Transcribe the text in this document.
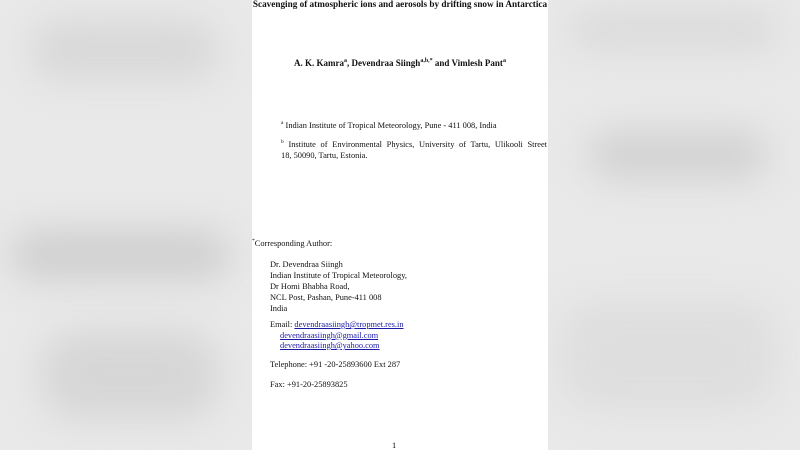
Scavenging of atmospheric ions and aerosols by drifting snow in Antarctica
A. K. Kamra$^a$, Devendraa Siingh$^{a,b,*}$ and Vimlesh Pant$^a$
$^a$ Indian Institute of Tropical Meteorology, Pune - 411 008, India
$^b$ Institute of Environmental Physics, University of Tartu, Ulikooli Street
18, 50090, Tartu, Estonia.
*Corresponding Author:
Dr. Devendraa Siingh
Indian Institute of Tropical Meteorology,
Dr Homi Bhabha Road,
NCL Post, Pashan, Pune-411 008
India
Email: devendraasiingh@tropmet.res.in
devendraasiingh@gmail.com
devendraasiingh@yahoo.com
Telephone: +91 -20-25893600 Ext 287
Fax: +91-20-25893825
1
